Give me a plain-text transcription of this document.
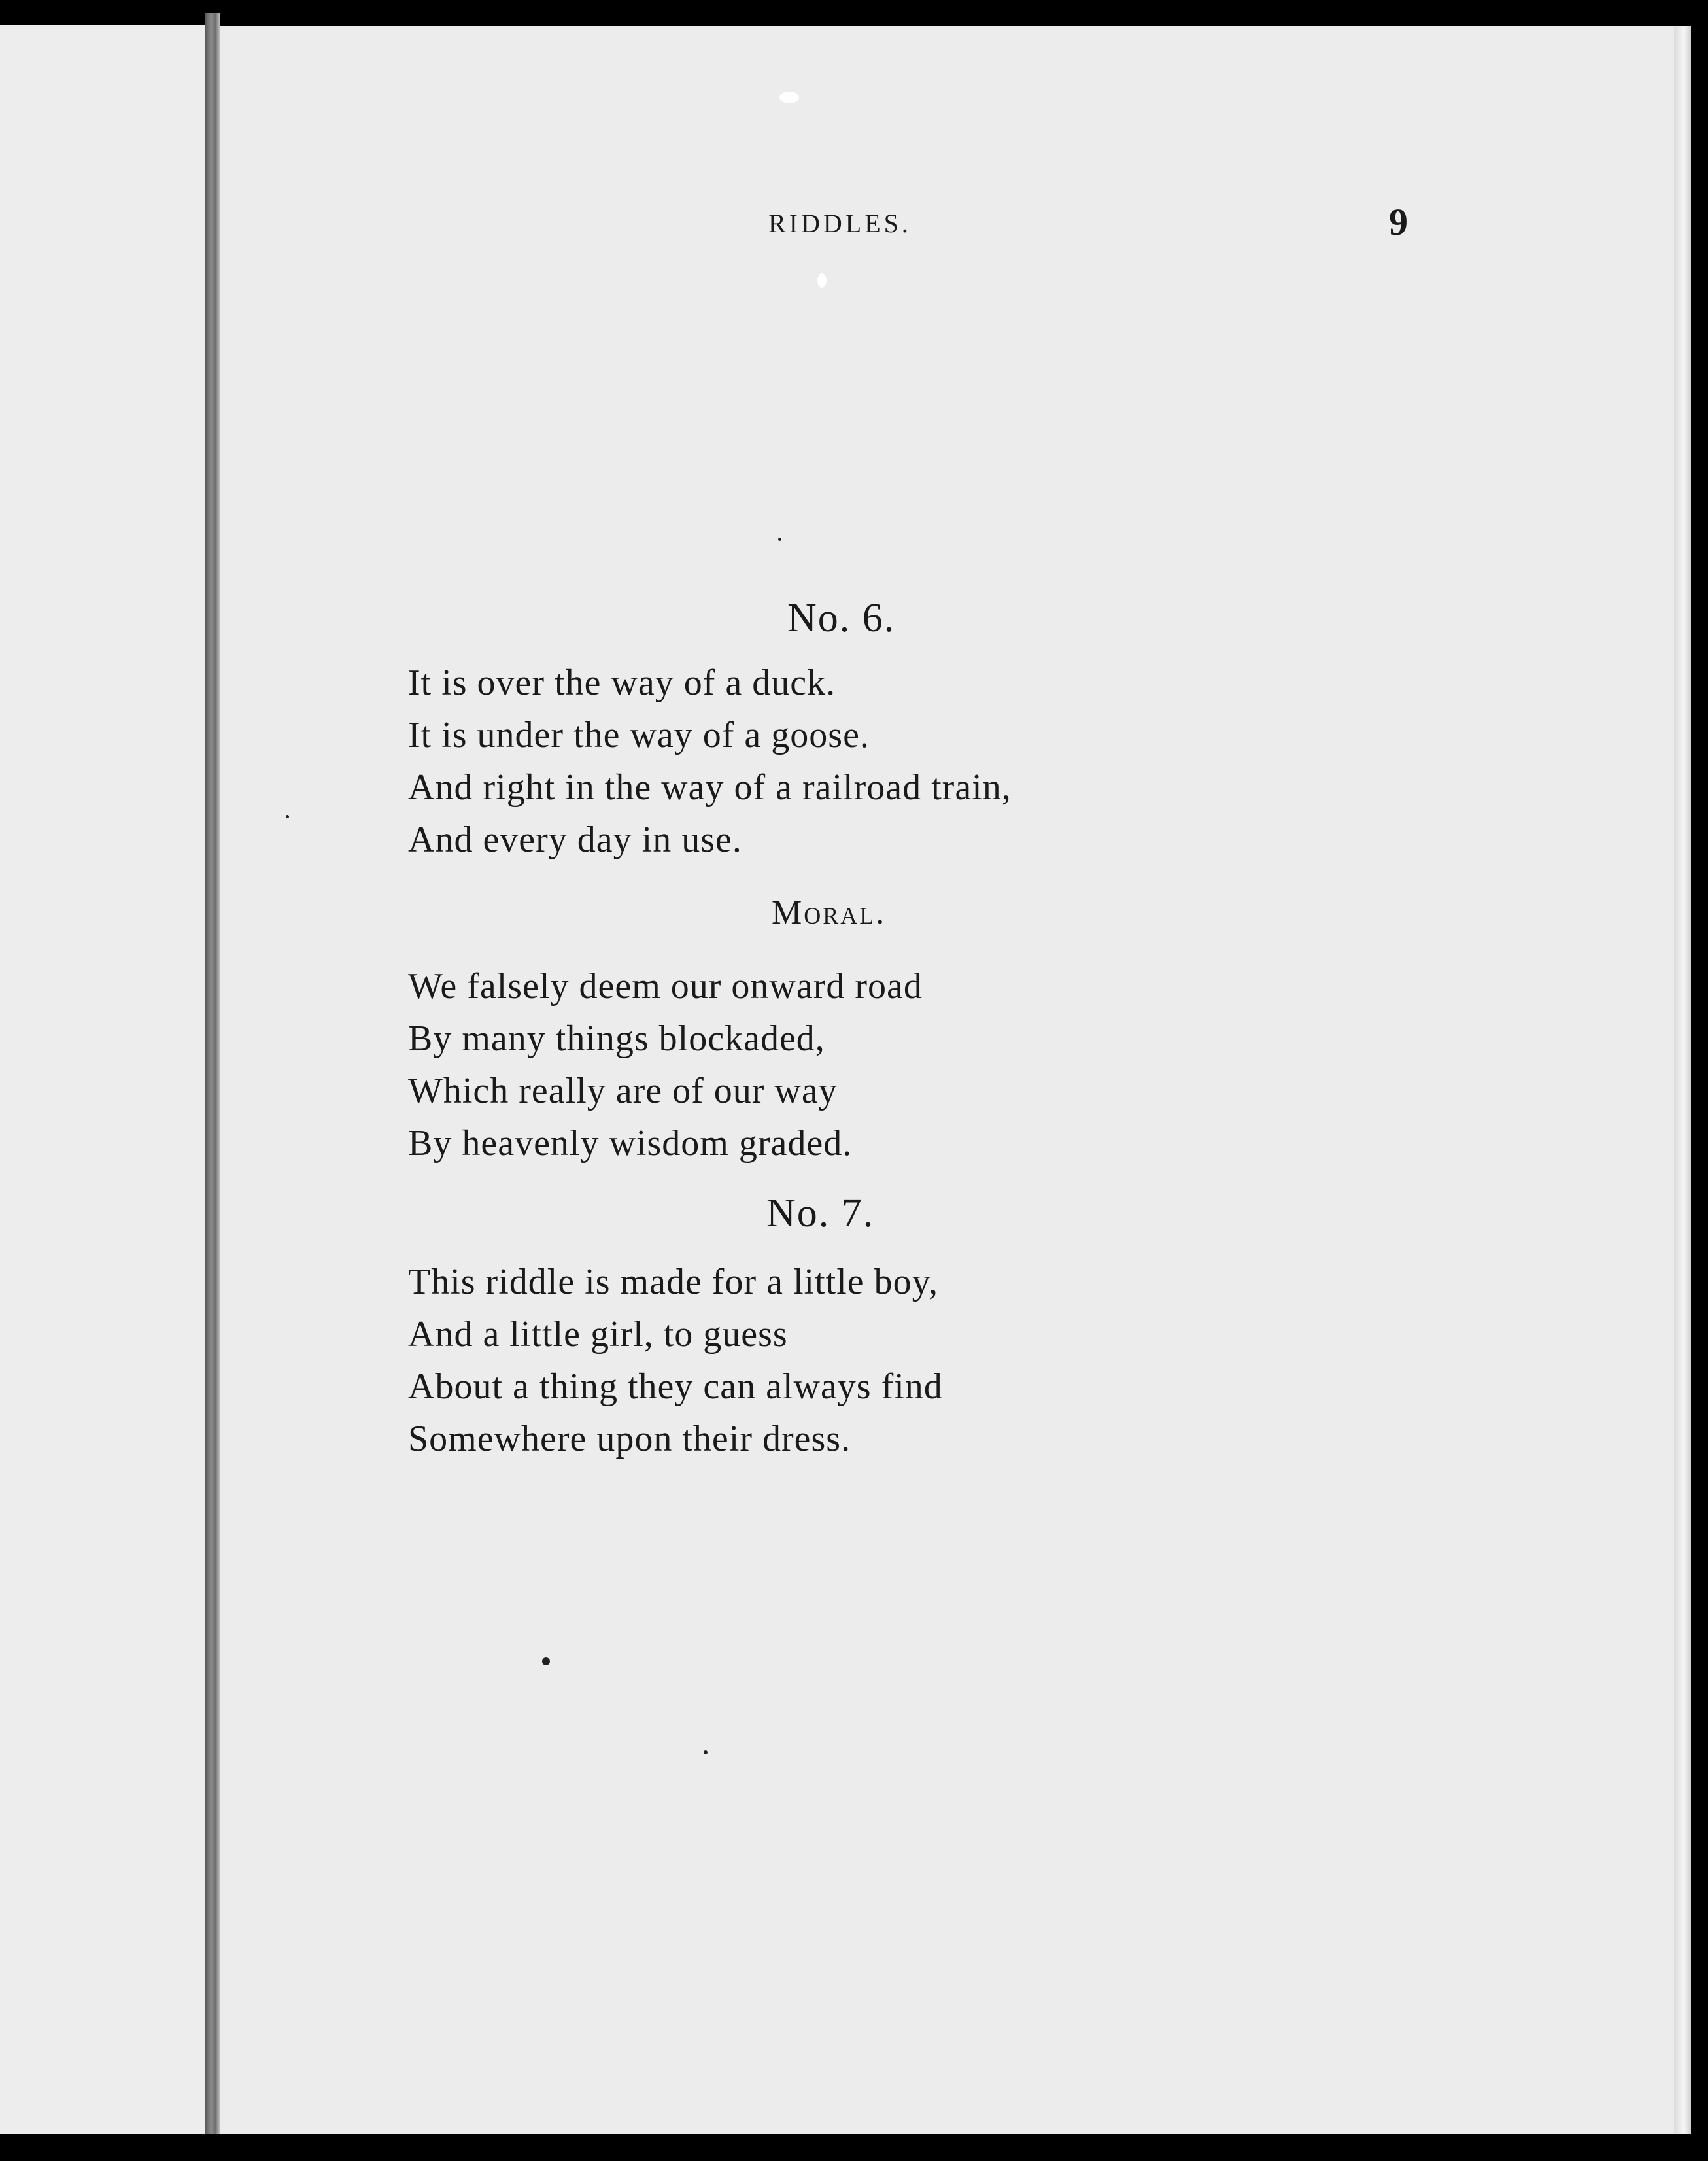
RIDDLES.	9
No. 6.
It is over the way of a duck.
It is under the way of a goose.
And right in the way of a railroad train,
And every day in use.
Moral.
We falsely deem our onward road
By many things blockaded,
Which really are of our way
By heavenly wisdom graded.
No. 7.
This riddle is made for a little boy,
And a little girl, to guess
About a thing they can always find
Somewhere upon their dress.
